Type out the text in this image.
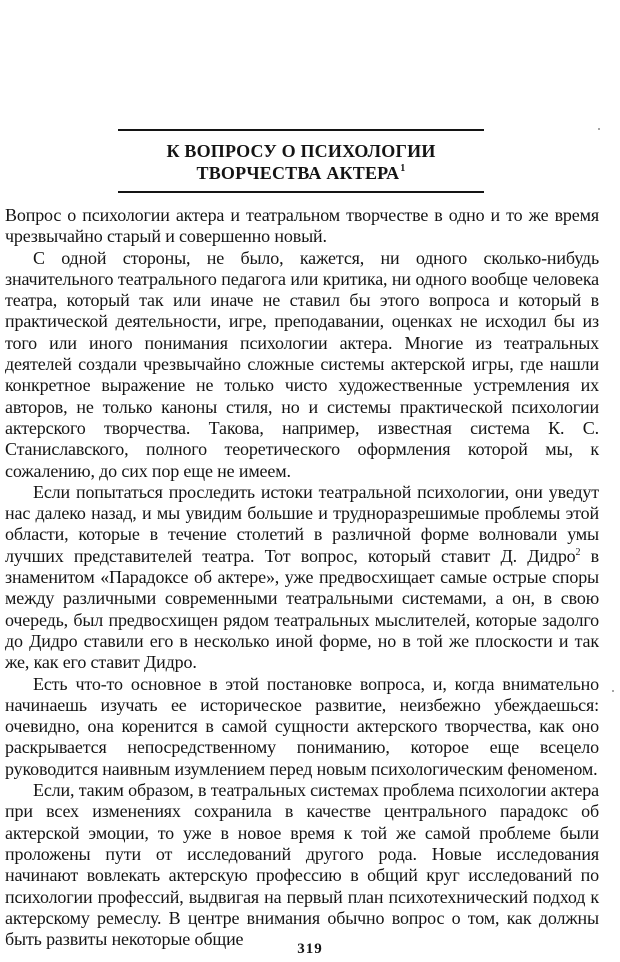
К ВОПРОСУ О ПСИХОЛОГИИ
ТВОРЧЕСТВА АКТЕРА$^1$

Вопрос о психологии актера и театральном творчестве в одно и то же время чрезвычайно старый и совершенно новый.

С одной стороны, не было, кажется, ни одного сколько-нибудь значительного театрального педагога или критика, ни одного вообще человека театра, который так или иначе не ставил бы этого вопроса и который в практической деятельности, игре, преподавании, оценках не исходил бы из того или иного понимания психологии актера. Многие из театральных деятелей создали чрезвычайно сложные системы актерской игры, где нашли конкретное выражение не только чисто художественные устремления их авторов, не только каноны стиля, но и системы практической психологии актерского творчества. Такова, например, известная система К. С. Станиславского, полного теоретического оформления которой мы, к сожалению, до сих пор еще не имеем.

Если попытаться проследить истоки театральной психологии, они уведут нас далеко назад, и мы увидим большие и трудноразрешимые проблемы этой области, которые в течение столетий в различной форме волновали умы лучших представителей театра. Тот вопрос, который ставит Д. Дидро$^2$ в знаменитом «Парадоксе об актере», уже предвосхищает самые острые споры между различными современными театральными системами, а он, в свою очередь, был предвосхищен рядом театральных мыслителей, которые задолго до Дидро ставили его в несколько иной форме, но в той же плоскости и так же, как его ставит Дидро.

Есть что-то основное в этой постановке вопроса, и, когда внимательно начинаешь изучать ее историческое развитие, неизбежно убеждаешься: очевидно, она коренится в самой сущности актерского творчества, как оно раскрывается непосредственному пониманию, которое еще всецело руководится наивным изумлением перед новым психологическим феноменом.

Если, таким образом, в театральных системах проблема психологии актера при всех изменениях сохранила в качестве центрального парадокс об актерской эмоции, то уже в новое время к той же самой проблеме были проложены пути от исследований другого рода. Новые исследования начинают вовлекать актерскую профессию в общий круг исследований по психологии профессий, выдвигая на первый план психотехнический подход к актерскому ремеслу. В центре внимания обычно вопрос о том, как должны быть развиты некоторые общие	319
